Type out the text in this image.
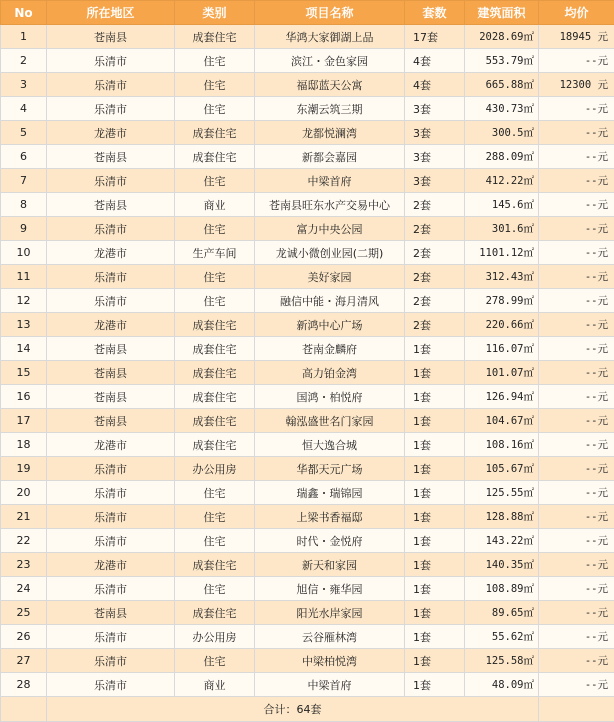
No	所在地区	类别	项目名称	套数	建筑面积	均价
1	苍南县	成套住宅	华鸿大家御湖上品	17套	2028.69㎡	18945 元
2	乐清市	住宅	滨江・金色家园	4套	553.79㎡	--元
3	乐清市	住宅	福邸蓝天公寓	4套	665.88㎡	12300 元
4	乐清市	住宅	东潮云筑三期	3套	430.73㎡	--元
5	龙港市	成套住宅	龙都悦澜湾	3套	300.5㎡	--元
6	苍南县	成套住宅	新都会嘉园	3套	288.09㎡	--元
7	乐清市	住宅	中梁首府	3套	412.22㎡	--元
8	苍南县	商业	苍南县旺东水产交易中心	2套	145.6㎡	--元
9	乐清市	住宅	富力中央公园	2套	301.6㎡	--元
10	龙港市	生产车间	龙诚小微创业园(二期)	2套	1101.12㎡	--元
11	乐清市	住宅	美好家园	2套	312.43㎡	--元
12	乐清市	住宅	融信中能・海月清风	2套	278.99㎡	--元
13	龙港市	成套住宅	新鸿中心广场	2套	220.66㎡	--元
14	苍南县	成套住宅	苍南金麟府	1套	116.07㎡	--元
15	苍南县	成套住宅	高力铂金湾	1套	101.07㎡	--元
16	苍南县	成套住宅	国鸿・柏悦府	1套	126.94㎡	--元
17	苍南县	成套住宅	翰泓盛世名门家园	1套	104.67㎡	--元
18	龙港市	成套住宅	恒大逸合城	1套	108.16㎡	--元
19	乐清市	办公用房	华都天元广场	1套	105.67㎡	--元
20	乐清市	住宅	瑞鑫・瑞锦园	1套	125.55㎡	--元
21	乐清市	住宅	上梁书香福邸	1套	128.88㎡	--元
22	乐清市	住宅	时代・金悦府	1套	143.22㎡	--元
23	龙港市	成套住宅	新天和家园	1套	140.35㎡	--元
24	乐清市	住宅	旭信・雍华园	1套	108.89㎡	--元
25	苍南县	成套住宅	阳光水岸家园	1套	89.65㎡	--元
26	乐清市	办公用房	云谷雁林湾	1套	55.62㎡	--元
27	乐清市	住宅	中梁柏悦湾	1套	125.58㎡	--元
28	乐清市	商业	中梁首府	1套	48.09㎡	--元
	合计：64套					
